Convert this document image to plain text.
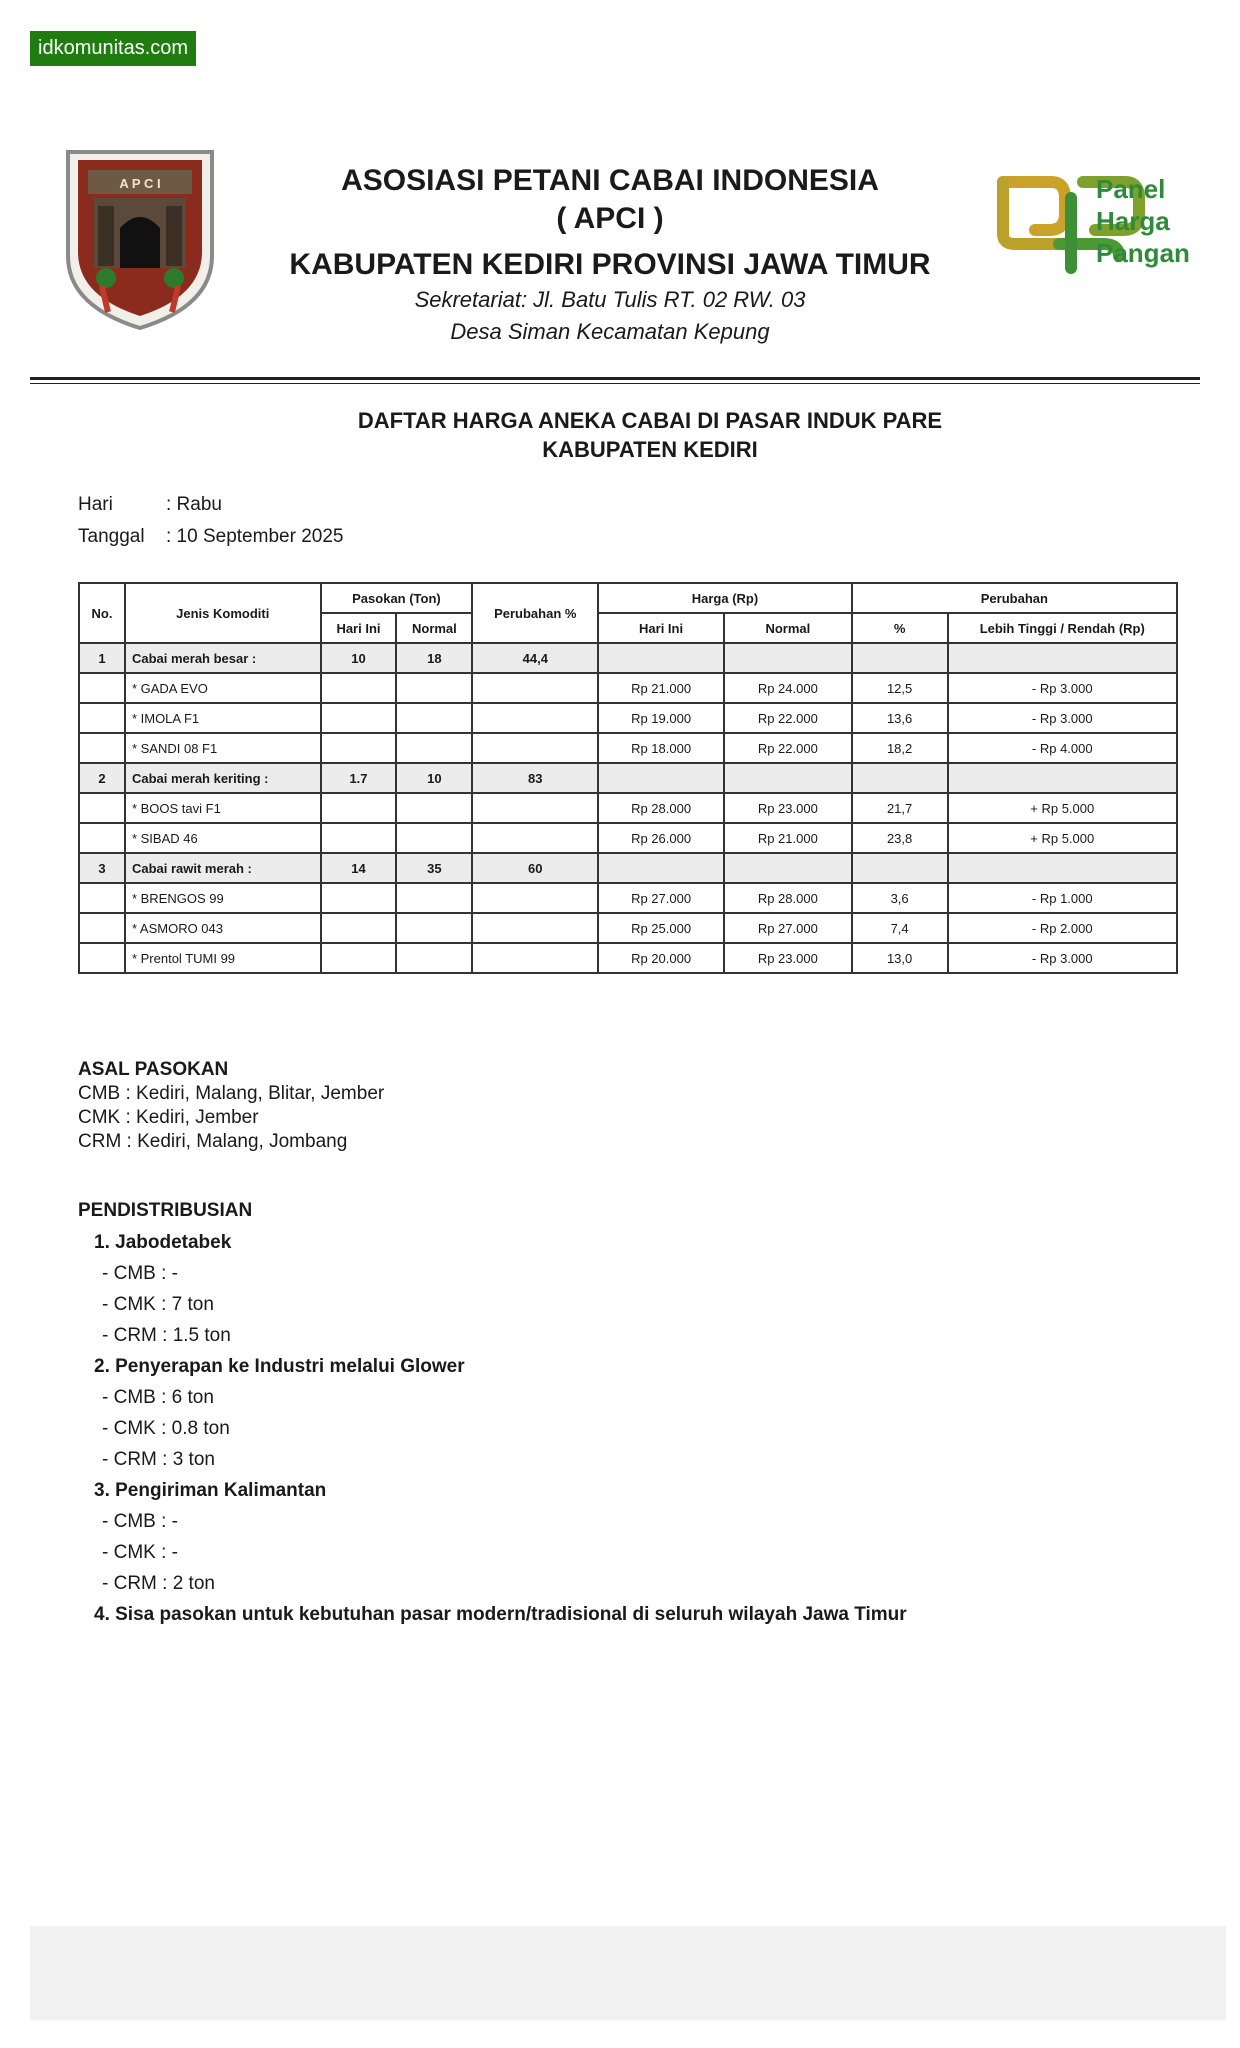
idkomunitas.com
A P C I	ASOSIASI PETANI CABAI INDONESIA
( APCI )
KABUPATEN KEDIRI PROVINSI JAWA TIMUR
Sekretariat: Jl. Batu Tulis RT. 02 RW. 03
Desa Siman Kecamatan Kepung
Panel
Harga
Pangan
DAFTAR HARGA ANEKA CABAI DI PASAR INDUK PARE
KABUPATEN KEDIRI
Hari	: Rabu
Tanggal : 10 September 2025
No.	Jenis Komoditi	Pasokan (Ton)		Perubahan %	Harga (Rp)		Perubahan	
		Hari Ini	Normal		Hari Ini	Normal	%	Lebih Tinggi / Rendah (Rp)
1	Cabai merah besar :	10	18	44,4				
	* GADA EVO				Rp 21.000	Rp 24.000	12,5	- Rp 3.000
	* IMOLA F1				Rp 19.000	Rp 22.000	13,6	- Rp 3.000
	* SANDI 08 F1				Rp 18.000	Rp 22.000	18,2	- Rp 4.000
2	Cabai merah keriting :	1.7	10	83				
	* BOOS tavi F1				Rp 28.000	Rp 23.000	21,7	+ Rp 5.000
	* SIBAD 46				Rp 26.000	Rp 21.000	23,8	+ Rp 5.000
3	Cabai rawit merah :	14	35	60				
	* BRENGOS 99				Rp 27.000	Rp 28.000	3,6	- Rp 1.000
	* ASMORO 043				Rp 25.000	Rp 27.000	7,4	- Rp 2.000
	* Prentol TUMI 99				Rp 20.000	Rp 23.000	13,0	- Rp 3.000
ASAL PASOKAN
CMB : Kediri, Malang, Blitar, Jember
CMK : Kediri, Jember
CRM : Kediri, Malang, Jombang
PENDISTRIBUSIAN
1. Jabodetabek
- CMB : -
- CMK : 7 ton
- CRM : 1.5 ton
2. Penyerapan ke Industri melalui Glower
- CMB : 6 ton
- CMK : 0.8 ton
- CRM : 3 ton
3. Pengiriman Kalimantan
- CMB : -
- CMK : -
- CRM : 2 ton
4. Sisa pasokan untuk kebutuhan pasar modern/tradisional di seluruh wilayah Jawa Timur
